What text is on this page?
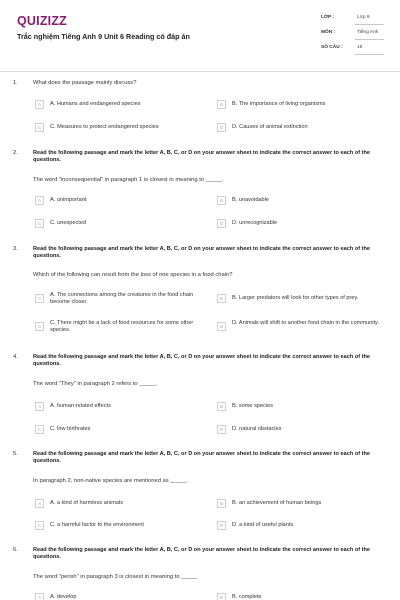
QUIZIZZ
Trắc nghiệm Tiếng Anh 9 Unit 6 Reading có đáp án
LỚP :	Lớp 9
MÔN :	Tiếng Anh
SỐ CÂU :	15
1.	What does the passage mainly discuss?
A	A. Humans and endangered species	B	B. The importance of living organisms
C	C. Measures to protect endangered species	D	D. Causes of animal extinction
2.	Read the following passage and mark the letter A, B, C, or D on your answer sheet to indicate the correct answer to each of the questions.
The word "inconsequential" in paragraph 1 is closest in meaning to _____.
A	A. unimportant	B	B. unavoidable
C	C. unexpected	D	D. unrecognizable
3.	Read the following passage and mark the letter A, B, C, or D on your answer sheet to indicate the correct answer to each of the questions.
Which of the following can result from the loss of one species in a food chain?
A
A. The connections among the creatures in the food chain become closer.
B	B. Larger predators will look for other types of prey.
C
C. There might be a lack of food resources for some other species.
D
D. Animals will shift to another food chain in the community.
4.	Read the following passage and mark the letter A, B, C, or D on your answer sheet to indicate the correct answer to each of the questions.
The word "They" in paragraph 2 refers to _____.
A	A. human-related effects	B	B. some species
C	C. low birthrates	D	D. natural obstacles
5.	Read the following passage and mark the letter A, B, C, or D on your answer sheet to indicate the correct answer to each of the questions.
In paragraph 2, non-native species are mentioned as _____.
A	A. a kind of harmless animals	B	B. an achievement of human beings
C	C. a harmful factor to the environment	D	D. a kind of useful plants
6.	Read the following passage and mark the letter A, B, C, or D on your answer sheet to indicate the correct answer to each of the questions.
The word "perish" in paragraph 3 is closest in meaning to _____
A	A. develop	B	B. complete
